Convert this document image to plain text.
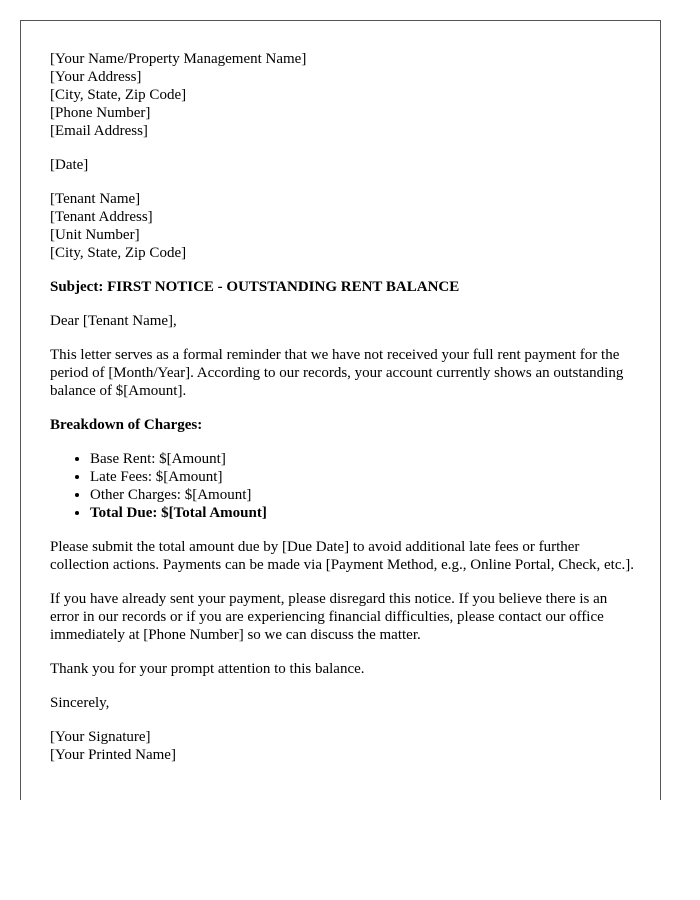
[Your Name/Property Management Name]
[Your Address]
[City, State, Zip Code]
[Phone Number]
[Email Address]

[Date]

[Tenant Name]
[Tenant Address]
[Unit Number]
[City, State, Zip Code]

Subject: FIRST NOTICE - OUTSTANDING RENT BALANCE

Dear [Tenant Name],

This letter serves as a formal reminder that we have not received your full rent payment for the period of [Month/Year]. According to our records, your account currently shows an outstanding balance of $[Amount].

Breakdown of Charges:

• Base Rent: $[Amount]
• Late Fees: $[Amount]
• Other Charges: $[Amount]
• Total Due: $[Total Amount]

Please submit the total amount due by [Due Date] to avoid additional late fees or further collection actions. Payments can be made via [Payment Method, e.g., Online Portal, Check, etc.].

If you have already sent your payment, please disregard this notice. If you believe there is an error in our records or if you are experiencing financial difficulties, please contact our office immediately at [Phone Number] so we can discuss the matter.

Thank you for your prompt attention to this balance.

Sincerely,

[Your Signature]
[Your Printed Name]
